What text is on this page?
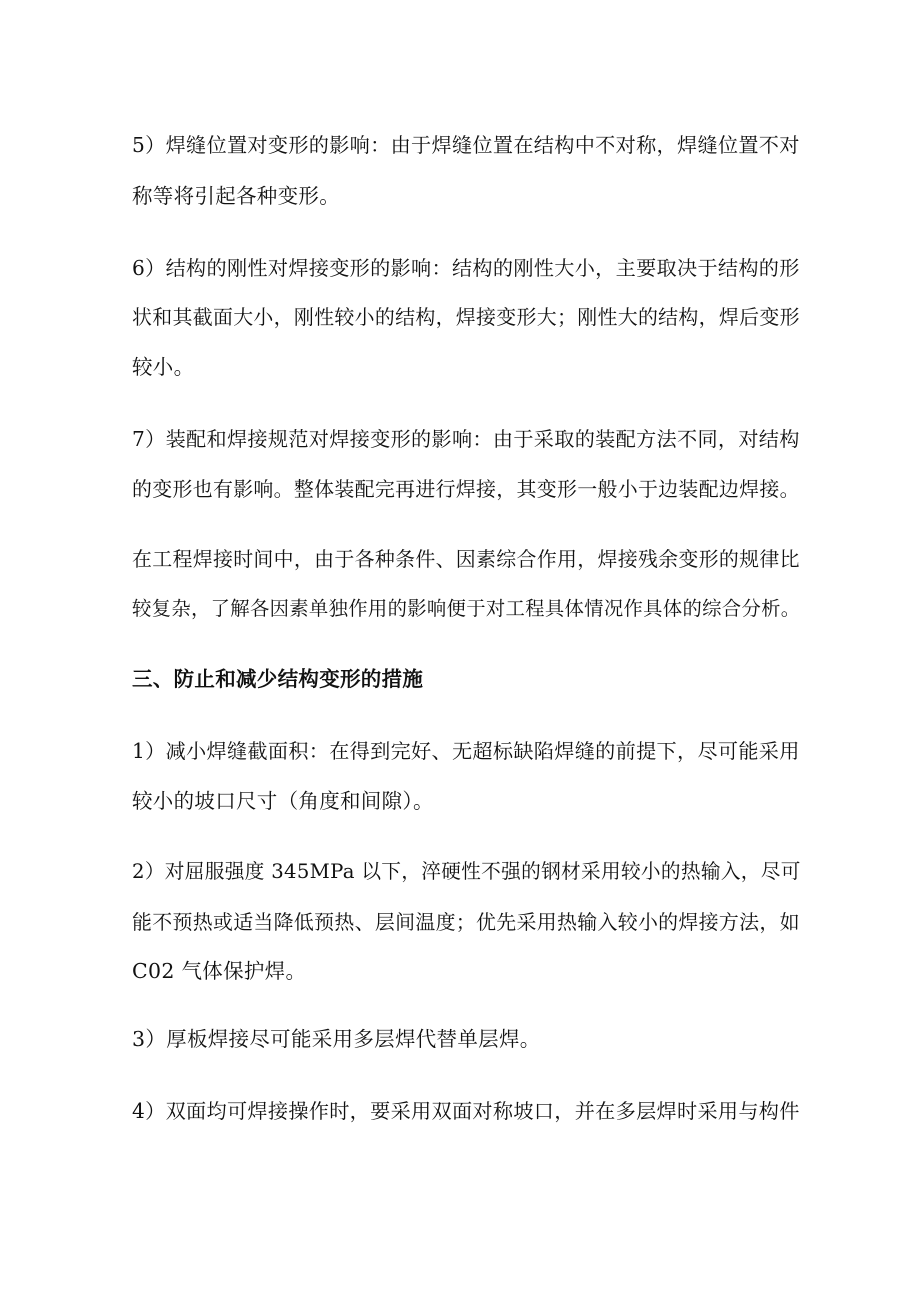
5）焊缝位置对变形的影响：由于焊缝位置在结构中不对称，焊缝位置不对
称等将引起各种变形。
6）结构的刚性对焊接变形的影响：结构的刚性大小，主要取决于结构的形
状和其截面大小，刚性较小的结构，焊接变形大；刚性大的结构，焊后变形
较小。
7）装配和焊接规范对焊接变形的影响：由于采取的装配方法不同，对结构
的变形也有影响。整体装配完再进行焊接，其变形一般小于边装配边焊接。
在工程焊接时间中，由于各种条件、因素综合作用，焊接残余变形的规律比
较复杂，了解各因素单独作用的影响便于对工程具体情况作具体的综合分析。
三、防止和减少结构变形的措施
1）减小焊缝截面积：在得到完好、无超标缺陷焊缝的前提下，尽可能采用
较小的坡口尺寸（角度和间隙）。
2）对屈服强度 345MPa 以下，淬硬性不强的钢材采用较小的热输入，尽可
能不预热或适当降低预热、层间温度；优先采用热输入较小的焊接方法，如
C02 气体保护焊。
3）厚板焊接尽可能采用多层焊代替单层焊。
4）双面均可焊接操作时，要采用双面对称坡口，并在多层焊时采用与构件
